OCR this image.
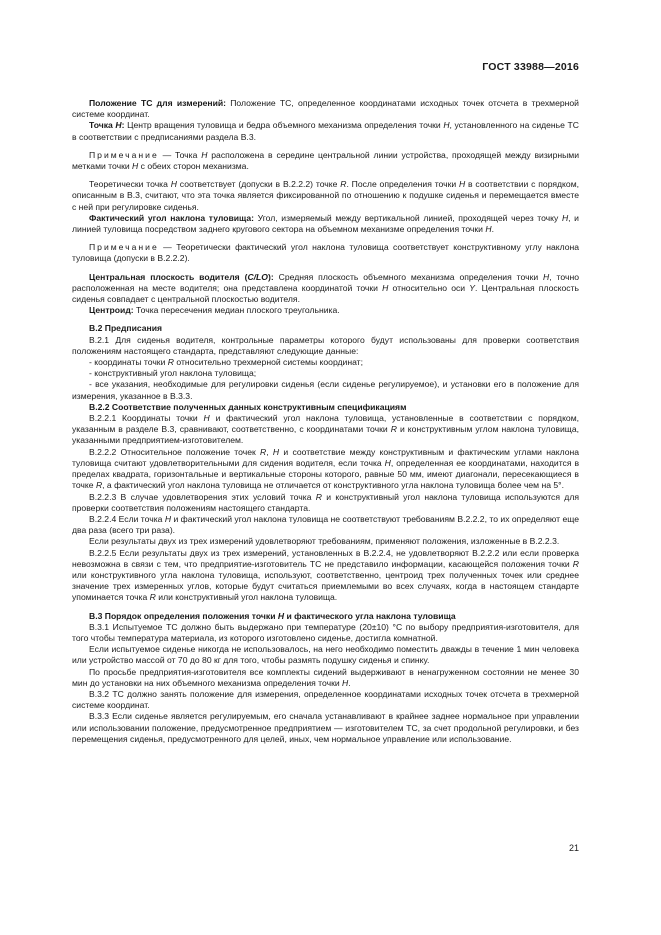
ГОСТ 33988—2016

Положение ТС для измерений: Положение ТС, определенное координатами исходных точек отсчета в трехмерной системе координат.

Точка H: Центр вращения туловища и бедра объемного механизма определения точки H, установленного на сиденье ТС в соответствии с предписаниями раздела В.3.

Примечание — Точка H расположена в середине центральной линии устройства, проходящей между визирными метками точки H с обеих сторон механизма.

Теоретически точка H соответствует (допуски в В.2.2.2) точке R. После определения точки H в соответствии с порядком, описанным в В.3, считают, что эта точка является фиксированной по отношению к подушке сиденья и перемещается вместе с ней при регулировке сиденья.

Фактический угол наклона туловища: Угол, измеряемый между вертикальной линией, проходящей через точку H, и линией туловища посредством заднего кругового сектора на объемном механизме определения точки H.

Примечание — Теоретически фактический угол наклона туловища соответствует конструктивному углу наклона туловища (допуски в В.2.2.2).

Центральная плоскость водителя (C/LO): Средняя плоскость объемного механизма определения точки H, точно расположенная на месте водителя; она представлена координатой точки H относительно оси Y. Центральная плоскость сиденья совпадает с центральной плоскостью водителя.

Центроид: Точка пересечения медиан плоского треугольника.

В.2 Предписания

В.2.1 Для сиденья водителя, контрольные параметры которого будут использованы для проверки соответствия положениям настоящего стандарта, представляют следующие данные:

- координаты точки R относительно трехмерной системы координат;

- конструктивный угол наклона туловища;

- все указания, необходимые для регулировки сиденья (если сиденье регулируемое), и установки его в положение для измерения, указанное в В.3.3.

В.2.2 Соответствие полученных данных конструктивным спецификациям

В.2.2.1 Координаты точки H и фактический угол наклона туловища, установленные в соответствии с порядком, указанным в разделе В.3, сравнивают, соответственно, с координатами точки R и конструктивным углом наклона туловища, указанными предприятием-изготовителем.

В.2.2.2 Относительное положение точек R, H и соответствие между конструктивным и фактическим углами наклона туловища считают удовлетворительными для сидения водителя, если точка H, определенная ее координатами, находится в пределах квадрата, горизонтальные и вертикальные стороны которого, равные 50 мм, имеют диагонали, пересекающиеся в точке R, а фактический угол наклона туловища не отличается от конструктивного угла наклона туловища более чем на 5°.

В.2.2.3 В случае удовлетворения этих условий точка R и конструктивный угол наклона туловища используются для проверки соответствия положениям настоящего стандарта.

В.2.2.4 Если точка H и фактический угол наклона туловища не соответствуют требованиям В.2.2.2, то их определяют еще два раза (всего три раза).

Если результаты двух из трех измерений удовлетворяют требованиям, применяют положения, изложенные в В.2.2.3.

В.2.2.5 Если результаты двух из трех измерений, установленных в В.2.2.4, не удовлетворяют В.2.2.2 или если проверка невозможна в связи с тем, что предприятие-изготовитель ТС не представило информации, касающейся положения точки R или конструктивного угла наклона туловища, используют, соответственно, центроид трех полученных точек или среднее значение трех измеренных углов, которые будут считаться приемлемыми во всех случаях, когда в настоящем стандарте упоминается точка R или конструктивный угол наклона туловища.

В.3 Порядок определения положения точки H и фактического угла наклона туловища

В.3.1 Испытуемое ТС должно быть выдержано при температуре (20±10) °С по выбору предприятия-изготовителя, для того чтобы температура материала, из которого изготовлено сиденье, достигла комнатной.

Если испытуемое сиденье никогда не использовалось, на него необходимо поместить дважды в течение 1 мин человека или устройство массой от 70 до 80 кг для того, чтобы размять подушку сиденья и спинку.

По просьбе предприятия-изготовителя все комплекты сидений выдерживают в ненагруженном состоянии не менее 30 мин до установки на них объемного механизма определения точки H.

В.3.2 ТС должно занять положение для измерения, определенное координатами исходных точек отсчета в трехмерной системе координат.

В.3.3 Если сиденье является регулируемым, его сначала устанавливают в крайнее заднее нормальное при управлении или использовании положение, предусмотренное предприятием — изготовителем ТС, за счет продольной регулировки, и без перемещения сиденья, предусмотренного для целей, иных, чем нормальное управление или использование.

21
